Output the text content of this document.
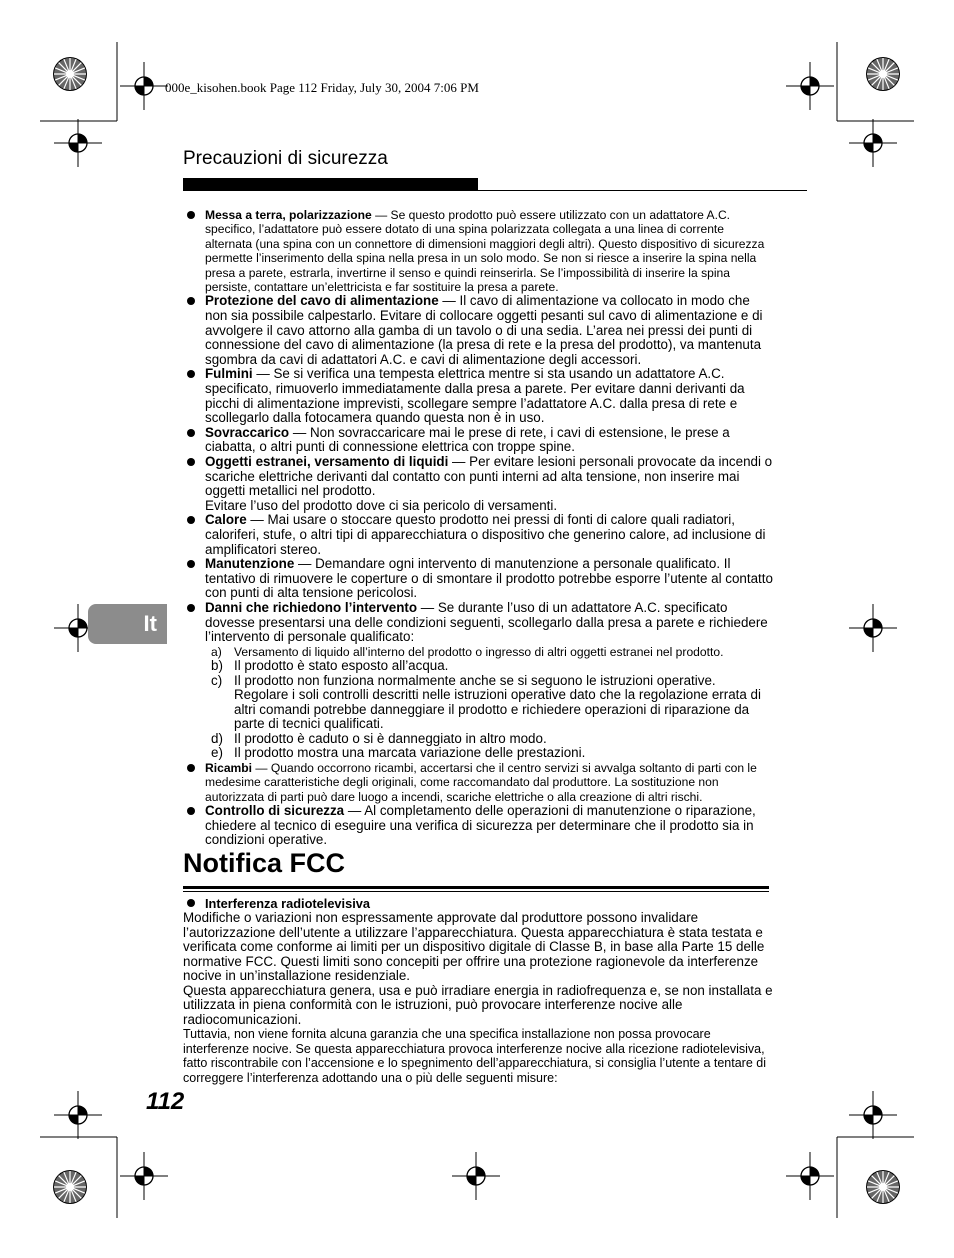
000e_kisohen.book Page 112 Friday, July 30, 2004 7:06 PM
Precauzioni di sicurezza
It
Messa a terra, polarizzazione — Se questo prodotto può essere utilizzato con un adattatore A.C. specifico, l’adattatore può essere dotato di una spina polarizzata collegata a una linea di corrente alternata (una spina con un connettore di dimensioni maggiori degli altri). Questo dispositivo di sicurezza permette l’inserimento della spina nella presa in un solo modo. Se non si riesce a inserire la spina nella presa a parete, estrarla, invertirne il senso e quindi reinserirla. Se l’impossibilità di inserire la spina persiste, contattare un’elettricista e far sostituire la presa a parete.
Protezione del cavo di alimentazione — Il cavo di alimentazione va collocato in modo che non sia possibile calpestarlo. Evitare di collocare oggetti pesanti sul cavo di alimentazione e di avvolgere il cavo attorno alla gamba di un tavolo o di una sedia. L’area nei pressi dei punti di connessione del cavo di alimentazione (la presa di rete e la presa del prodotto), va mantenuta sgombra da cavi di adattatori A.C. e cavi di alimentazione degli accessori.
Fulmini — Se si verifica una tempesta elettrica mentre si sta usando un adattatore A.C. specificato, rimuoverlo immediatamente dalla presa a parete. Per evitare danni derivanti da picchi di alimentazione imprevisti, scollegare sempre l’adattatore A.C. dalla presa di rete e scollegarlo dalla fotocamera quando questa non è in uso.
Sovraccarico — Non sovraccaricare mai le prese di rete, i cavi di estensione, le prese a ciabatta, o altri punti di connessione elettrica con troppe spine.
Oggetti estranei, versamento di liquidi — Per evitare lesioni personali provocate da incendi o scariche elettriche derivanti dal contatto con punti interni ad alta tensione, non inserire mai oggetti metallici nel prodotto.
Evitare l’uso del prodotto dove ci sia pericolo di versamenti.
Calore — Mai usare o stoccare questo prodotto nei pressi di fonti di calore quali radiatori, caloriferi, stufe, o altri tipi di apparecchiatura o dispositivo che generino calore, ad inclusione di amplificatori stereo.
Manutenzione — Demandare ogni intervento di manutenzione a personale qualificato. Il tentativo di rimuovere le coperture o di smontare il prodotto potrebbe esporre l’utente al contatto con punti di alta tensione pericolosi.
Danni che richiedono l’intervento — Se durante l’uso di un adattatore A.C. specificato dovesse presentarsi una delle condizioni seguenti, scollegarlo dalla presa a parete e richiedere l’intervento di personale qualificato:
a) Versamento di liquido all’interno del prodotto o ingresso di altri oggetti estranei nel prodotto.
b) Il prodotto è stato esposto all’acqua.
c) Il prodotto non funziona normalmente anche se si seguono le istruzioni operative. Regolare i soli controlli descritti nelle istruzioni operative dato che la regolazione errata di altri comandi potrebbe danneggiare il prodotto e richiedere operazioni di riparazione da parte di tecnici qualificati.
d) Il prodotto è caduto o si è danneggiato in altro modo.
e) Il prodotto mostra una marcata variazione delle prestazioni.
Ricambi — Quando occorrono ricambi, accertarsi che il centro servizi si avvalga soltanto di parti con le medesime caratteristiche degli originali, come raccomandato dal produttore. La sostituzione non autorizzata di parti può dare luogo a incendi, scariche elettriche o alla creazione di altri rischi.
Controllo di sicurezza — Al completamento delle operazioni di manutenzione o riparazione, chiedere al tecnico di eseguire una verifica di sicurezza per determinare che il prodotto sia in condizioni operative.
Notifica FCC
Interferenza radiotelevisiva
Modifiche o variazioni non espressamente approvate dal produttore possono invalidare l’autorizzazione dell’utente a utilizzare l’apparecchiatura. Questa apparecchiatura è stata testata e verificata come conforme ai limiti per un dispositivo digitale di Classe B, in base alla Parte 15 delle normative FCC. Questi limiti sono concepiti per offrire una protezione ragionevole da interferenze nocive in un’installazione residenziale.
Questa apparecchiatura genera, usa e può irradiare energia in radiofrequenza e, se non installata e utilizzata in piena conformità con le istruzioni, può provocare interferenze nocive alle radiocomunicazioni.
Tuttavia, non viene fornita alcuna garanzia che una specifica installazione non possa provocare interferenze nocive. Se questa apparecchiatura provoca interferenze nocive alla ricezione radiotelevisiva, fatto riscontrabile con l’accensione e lo spegnimento dell’apparecchiatura, si consiglia l’utente a tentare di correggere l’interferenza adottando una o più delle seguenti misure:
112
